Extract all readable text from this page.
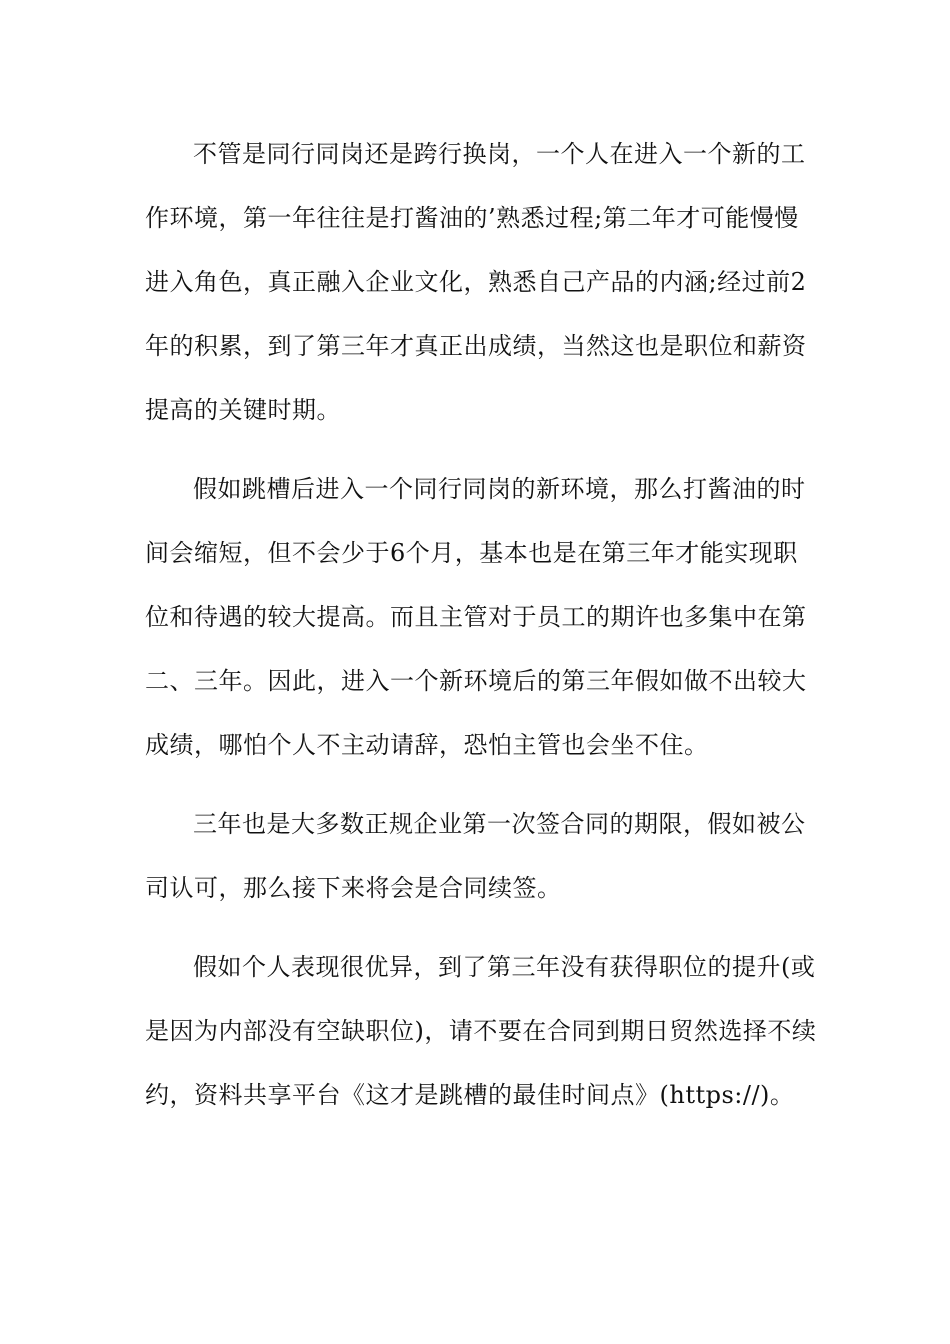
不管是同行同岗还是跨行换岗，一个人在进入一个新的工
作环境，第一年往往是打酱油的’熟悉过程;第二年才可能慢慢
进入角色，真正融入企业文化，熟悉自己产品的内涵;经过前2
年的积累，到了第三年才真正出成绩，当然这也是职位和薪资
提高的关键时期。
假如跳槽后进入一个同行同岗的新环境，那么打酱油的时
间会缩短，但不会少于6个月，基本也是在第三年才能实现职
位和待遇的较大提高。而且主管对于员工的期许也多集中在第
二、三年。因此，进入一个新环境后的第三年假如做不出较大
成绩，哪怕个人不主动请辞，恐怕主管也会坐不住。
三年也是大多数正规企业第一次签合同的期限，假如被公
司认可，那么接下来将会是合同续签。
假如个人表现很优异，到了第三年没有获得职位的提升(或
是因为内部没有空缺职位)，请不要在合同到期日贸然选择不续
约，资料共享平台《这才是跳槽的最佳时间点》(https://)。
